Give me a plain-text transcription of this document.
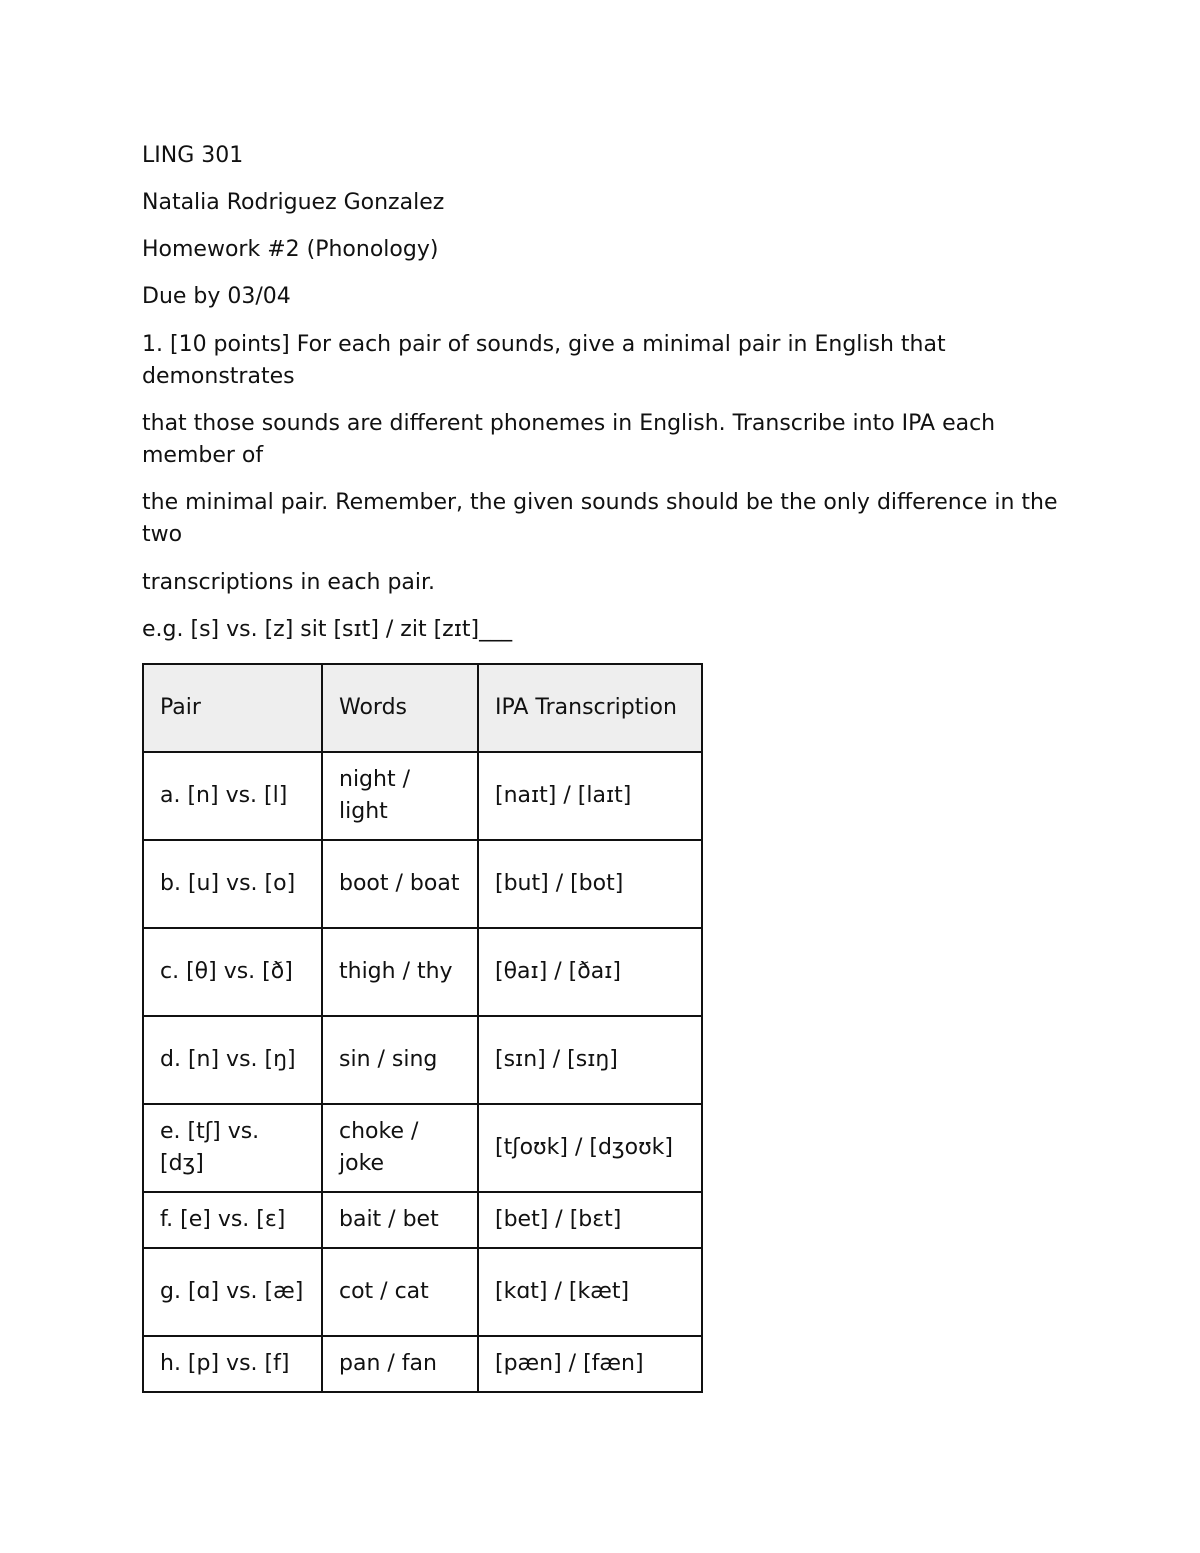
LING 301
Natalia Rodriguez Gonzalez
Homework #2 (Phonology)
Due by 03/04
1. [10 points] For each pair of sounds, give a minimal pair in English that demonstrates
that those sounds are different phonemes in English. Transcribe into IPA each member of
the minimal pair. Remember, the given sounds should be the only difference in the two
transcriptions in each pair.
e.g. [s] vs. [z] sit [sɪt] / zit [zɪt]___
Pair	Words	IPA Transcription
a. [n] vs. [l]	night / light	[naɪt] / [laɪt]
b. [u] vs. [o]	boot / boat	[but] / [bot]
c. [θ] vs. [ð]	thigh / thy	[θaɪ] / [ðaɪ]
d. [n] vs. [ŋ]	sin / sing	[sɪn] / [sɪŋ]
e. [tʃ] vs. [dʒ]	choke / joke	[tʃoʊk] / [dʒoʊk]
f. [e] vs. [ɛ]	bait / bet	[bet] / [bɛt]
g. [ɑ] vs. [æ]	cot / cat	[kɑt] / [kæt]
h. [p] vs. [f]	pan / fan	[pæn] / [fæn]
